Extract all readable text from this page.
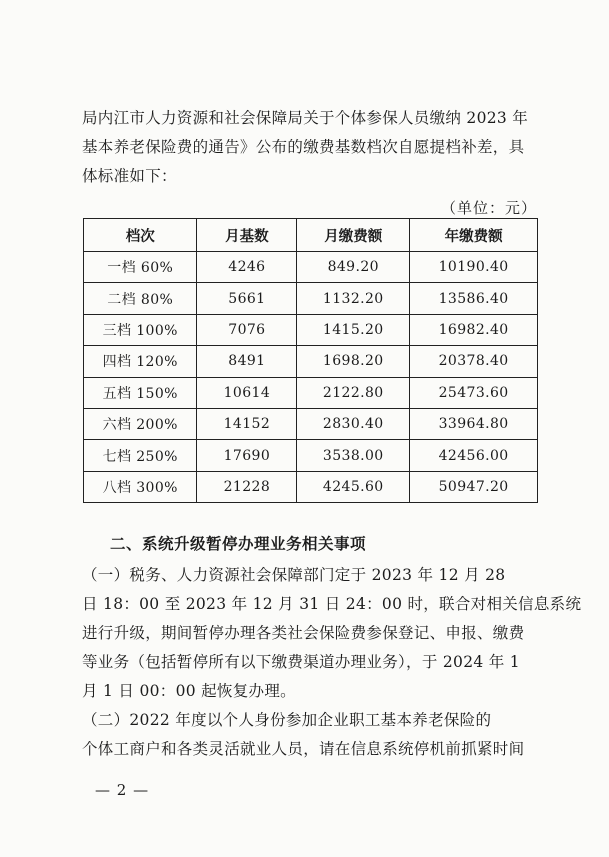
局内江市人力资源和社会保障局关于个体参保人员缴纳 2023 年
基本养老保险费的通告》公布的缴费基数档次自愿提档补差，具
体标准如下：

（单位：元）
档次	月基数	月缴费额	年缴费额
一档 60%	4246	849.20	10190.40
二档 80%	5661	1132.20	13586.40
三档 100%	7076	1415.20	16982.40
四档 120%	8491	1698.20	20378.40
五档 150%	10614	2122.80	25473.60
六档 200%	14152	2830.40	33964.80
七档 250%	17690	3538.00	42456.00
八档 300%	21228	4245.60	50947.20
二、系统升级暂停办理业务相关事项

（一）税务、人力资源社会保障部门定于 2023 年 12 月 28
日 18：00 至 2023 年 12 月 31 日 24：00 时，联合对相关信息系统
进行升级，期间暂停办理各类社会保险费参保登记、申报、缴费
等业务（包括暂停所有以下缴费渠道办理业务），于 2024 年 1
月 1 日 00：00 起恢复办理。

（二）2022 年度以个人身份参加企业职工基本养老保险的
个体工商户和各类灵活就业人员，请在信息系统停机前抓紧时间

— 2 —
